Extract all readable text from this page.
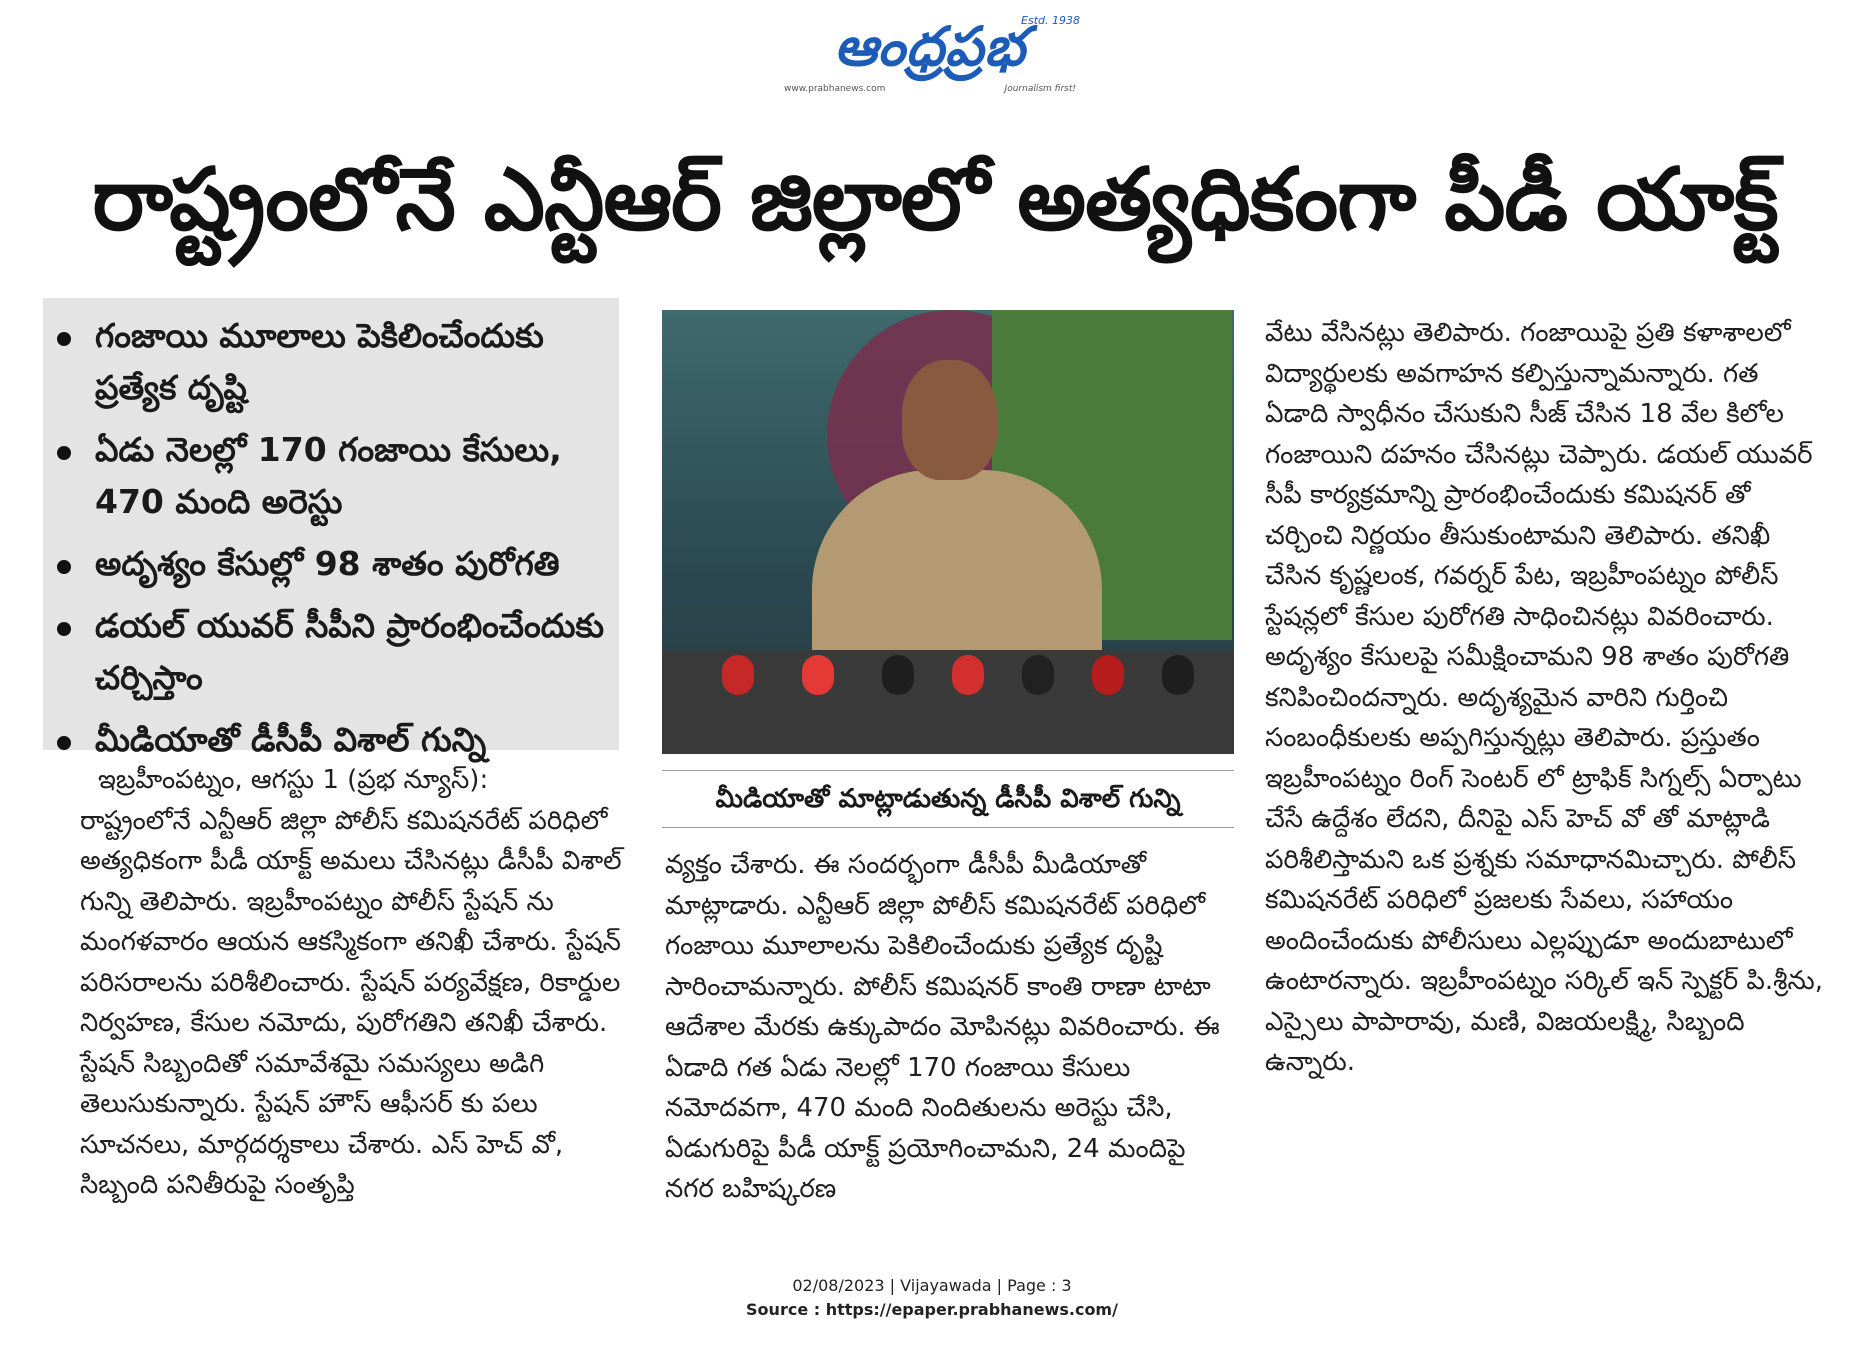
ఆంధ్రప్రభ
Estd. 1938
www.prabhanews.com	Journalism first!
రాష్ట్రంలోనే ఎన్టీఆర్ జిల్లాలో అత్యధికంగా పీడీ యాక్ట్
గంజాయి మూలాలు పెకిలించేందుకు ప్రత్యేక దృష్టి
ఏడు నెలల్లో 170 గంజాయి కేసులు, 470 మంది అరెస్టు
అదృశ్యం కేసుల్లో 98 శాతం పురోగతి
డయల్ యువర్ సీపీని ప్రారంభించేందుకు చర్చిస్తాం
మీడియాతో డీసీపీ విశాల్ గున్ని
మీడియాతో మాట్లాడుతున్న డీసీపీ విశాల్ గున్ని

ఇబ్రహీంపట్నం, ఆగస్టు 1 (ప్రభ న్యూస్):

రాష్ట్రంలోనే ఎన్టీఆర్ జిల్లా పోలీస్ కమిషనరేట్ పరిధిలో అత్యధికంగా పీడీ యాక్ట్ అమలు చేసినట్లు డీసీపీ విశాల్ గున్ని తెలిపారు. ఇబ్రహీంపట్నం పోలీస్ స్టేషన్ ను మంగళవారం ఆయన ఆకస్మికంగా తనిఖీ చేశారు. స్టేషన్ పరిసరాలను పరిశీలించారు. స్టేషన్ పర్యవేక్షణ, రికార్డుల నిర్వహణ, కేసుల నమోదు, పురోగతిని తనిఖీ చేశారు. స్టేషన్ సిబ్బందితో సమావేశమై సమస్యలు అడిగి తెలుసుకున్నారు. స్టేషన్ హౌస్ ఆఫీసర్ కు పలు సూచనలు, మార్గదర్శకాలు చేశారు. ఎస్ హెచ్ వో, సిబ్బంది పనితీరుపై సంతృప్తి

వ్యక్తం చేశారు. ఈ సందర్భంగా డీసీపీ మీడియాతో మాట్లాడారు. ఎన్టీఆర్ జిల్లా పోలీస్ కమిషనరేట్ పరిధిలో గంజాయి మూలాలను పెకిలించేందుకు ప్రత్యేక దృష్టి సారించామన్నారు. పోలీస్ కమిషనర్ కాంతి రాణా టాటా ఆదేశాల మేరకు ఉక్కుపాదం మోపినట్లు వివరించారు. ఈ ఏడాది గత ఏడు నెలల్లో 170 గంజాయి కేసులు నమోదవగా, 470 మంది నిందితులను అరెస్టు చేసి, ఏడుగురిపై పీడీ యాక్ట్ ప్రయోగించామని, 24 మందిపై నగర బహిష్కరణ

వేటు వేసినట్లు తెలిపారు. గంజాయిపై ప్రతి కళాశాలలో విద్యార్థులకు అవగాహన కల్పిస్తున్నామన్నారు. గత ఏడాది స్వాధీనం చేసుకుని సీజ్ చేసిన 18 వేల కిలోల గంజాయిని దహనం చేసినట్లు చెప్పారు. డయల్ యువర్ సీపీ కార్యక్రమాన్ని ప్రారంభించేందుకు కమిషనర్ తో చర్చించి నిర్ణయం తీసుకుంటామని తెలిపారు. తనిఖీ చేసిన కృష్ణలంక, గవర్నర్ పేట, ఇబ్రహీంపట్నం పోలీస్ స్టేషన్లలో కేసుల పురోగతి సాధించినట్లు వివరించారు. అదృశ్యం కేసులపై సమీక్షించామని 98 శాతం పురోగతి కనిపించిందన్నారు. అదృశ్యమైన వారిని గుర్తించి సంబంధీకులకు అప్పగిస్తున్నట్లు తెలిపారు. ప్రస్తుతం ఇబ్రహీంపట్నం రింగ్ సెంటర్ లో ట్రాఫిక్ సిగ్నల్స్ ఏర్పాటు చేసే ఉద్దేశం లేదని, దీనిపై ఎస్ హెచ్ వో తో మాట్లాడి పరిశీలిస్తామని ఒక ప్రశ్నకు సమాధానమిచ్చారు. పోలీస్ కమిషనరేట్ పరిధిలో ప్రజలకు సేవలు, సహాయం అందించేందుకు పోలీసులు ఎల్లప్పుడూ అందుబాటులో ఉంటారన్నారు. ఇబ్రహీంపట్నం సర్కిల్ ఇన్ స్పెక్టర్ పి.శ్రీను, ఎస్సైలు పాపారావు, మణి, విజయలక్ష్మి, సిబ్బంది ఉన్నారు.

02/08/2023 | Vijayawada | Page : 3
Source : https://epaper.prabhanews.com/
